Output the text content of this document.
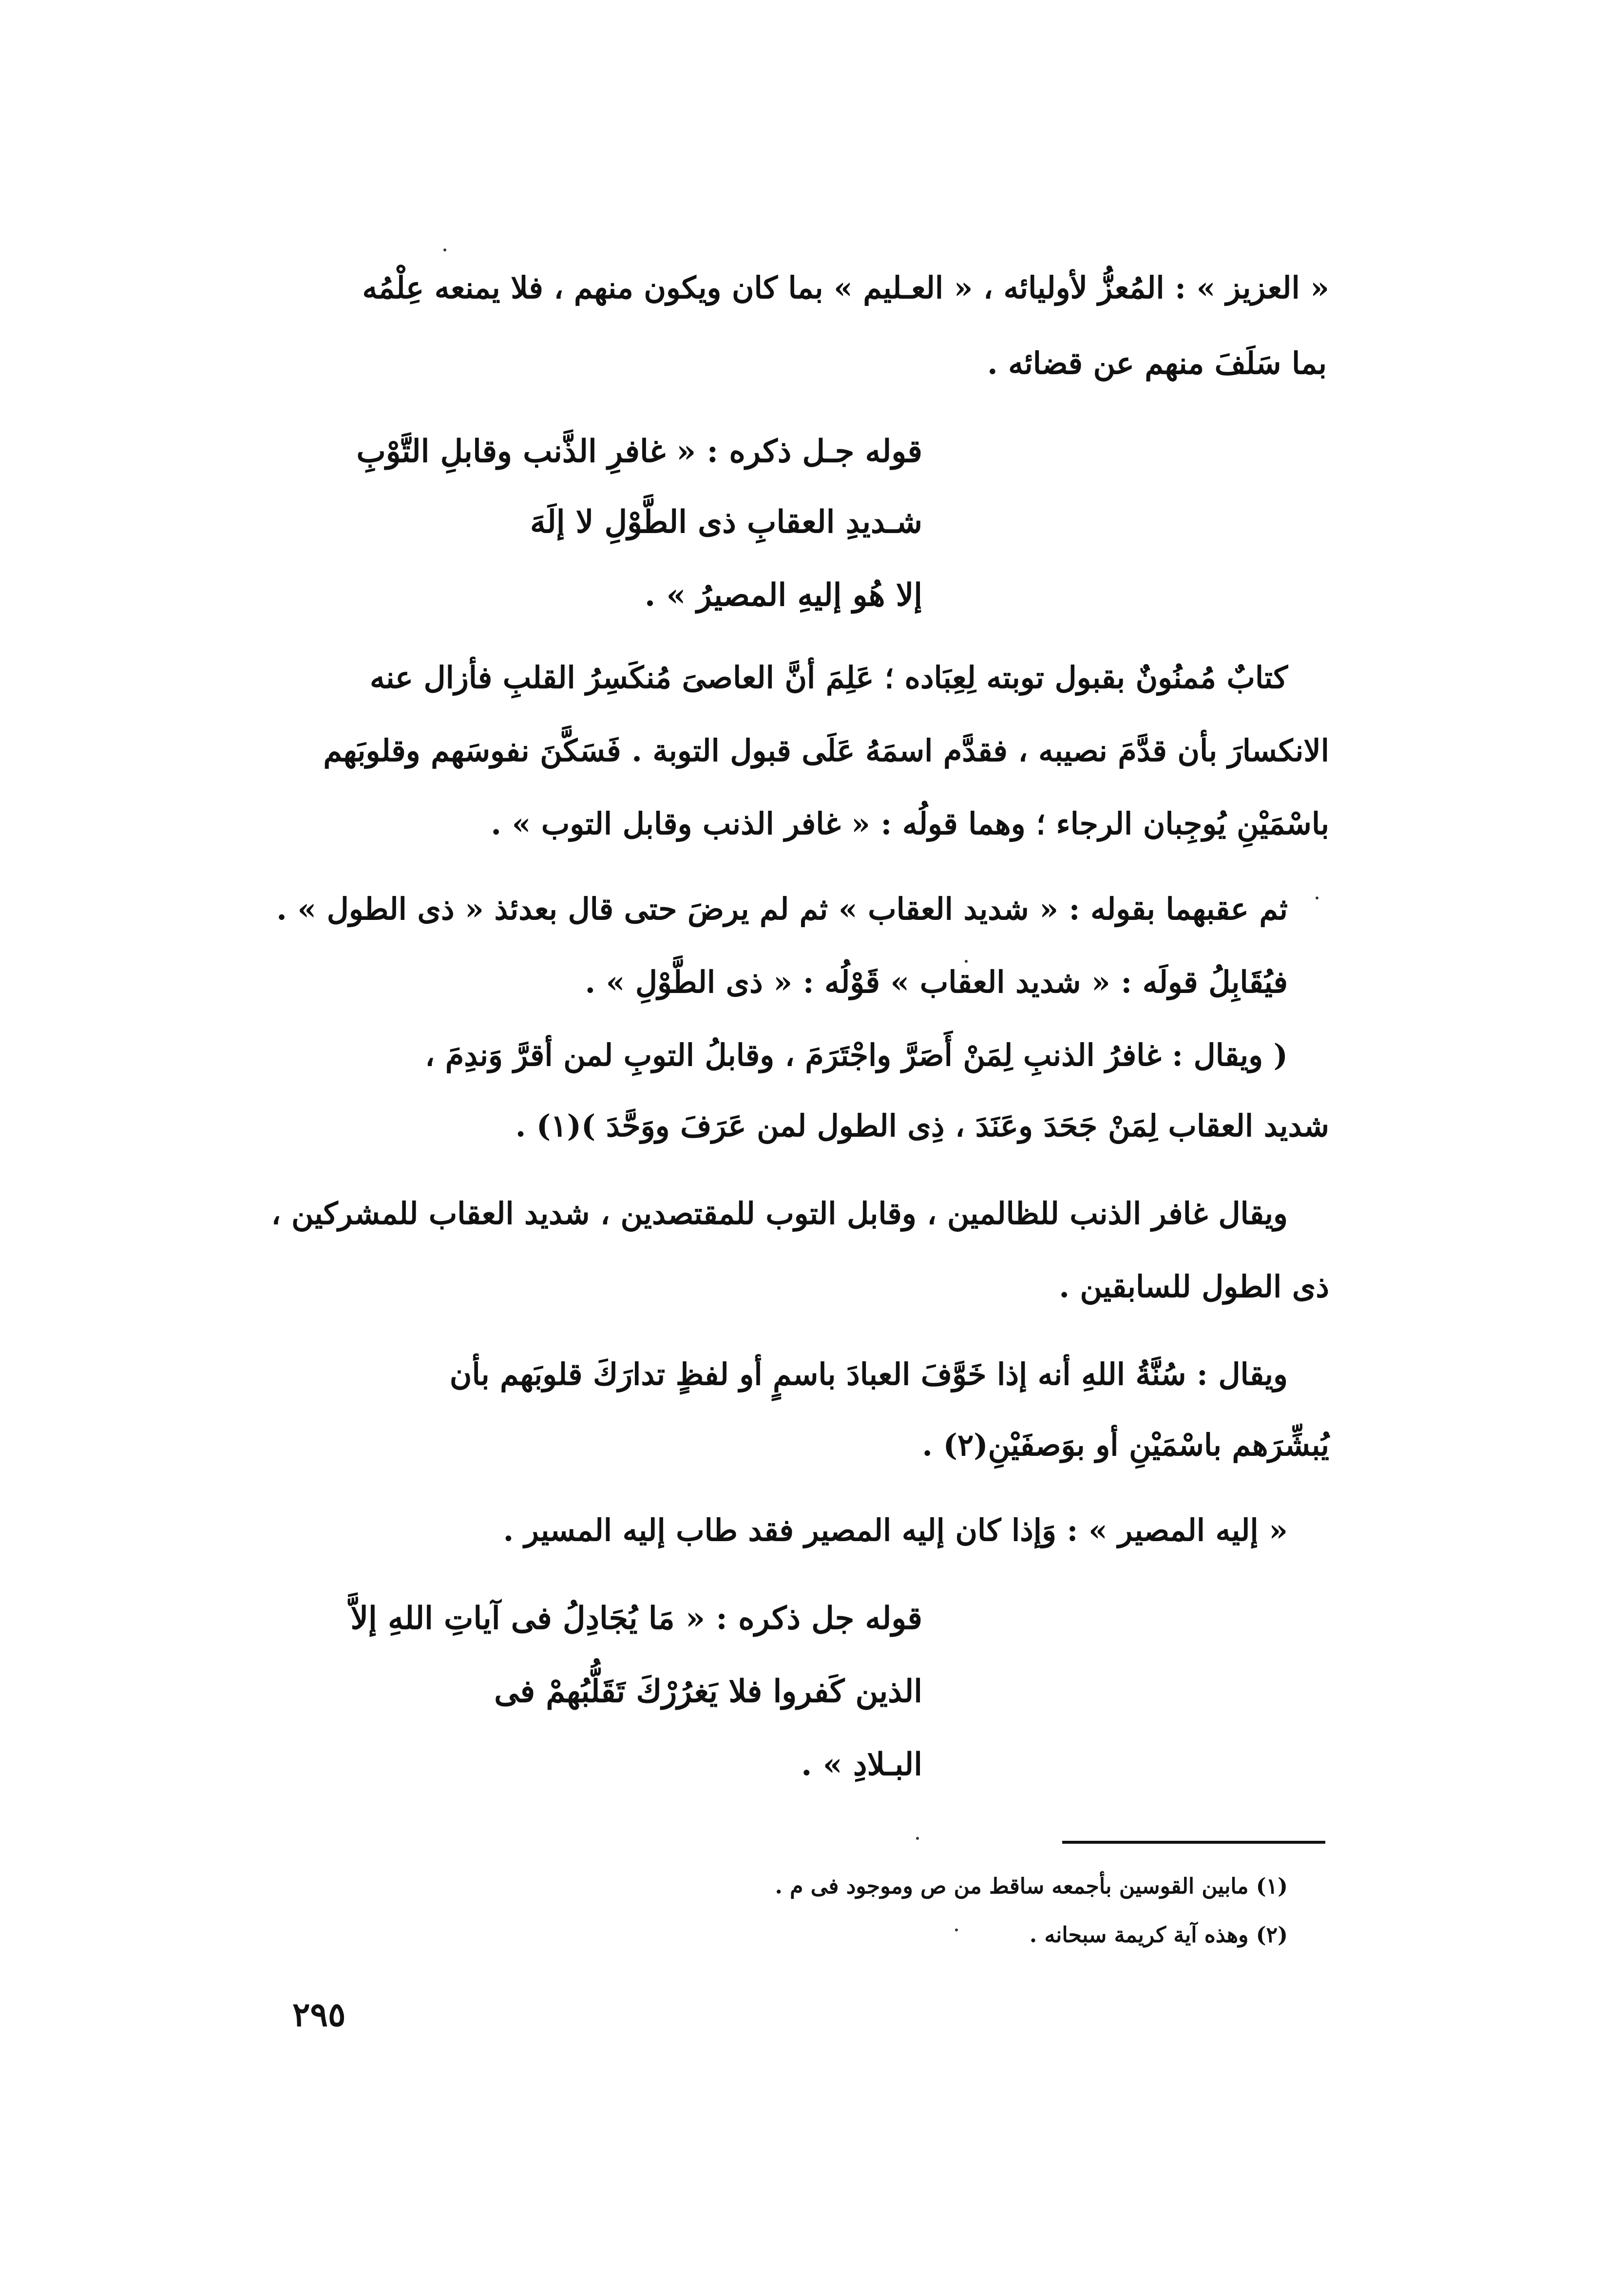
« العزيز » : المُعزُّ لأوليائه ، « العـليم » بما كان ويكون منهم ، فلا يمنعه عِلْمُه
بما سَلَفَ منهم عن قضائه .
قوله جـل ذكره : « غافرِ الذَّنب وقابلِ التَّوْبِ
شـديدِ العقابِ ذى الطَّوْلِ لا إلَهَ
إلا هُو إليهِ المصيرُ » .
كتابٌ مُمنُونٌ بقبول توبته لِعِبَاده ؛ عَلِمَ أنَّ العاصىَ مُنكَسِرُ القلبِ فأزال عنه
الانكسارَ بأن قدَّمَ نصيبه ، فقدَّم اسمَهُ عَلَى قبول التوبة . فَسَكَّنَ نفوسَهم وقلوبَهم
باسْمَيْنِ يُوجِبان الرجاء ؛ وهما قولُه : « غافر الذنب وقابل التوب » .
ثم عقبهما بقوله : « شديد العقاب » ثم لم يرضَ حتى قال بعدئذ « ذى الطول » .
فيُقَابِلُ قولَه : « شديد العقاب » قَوْلُه : « ذى الطَّوْلِ » .
( ويقال : غافرُ الذنبِ لِمَنْ أَصَرَّ واجْتَرَمَ ، وقابلُ التوبِ لمن أقرَّ وَندِمَ ،
شديد العقاب لِمَنْ جَحَدَ وعَنَدَ ، ذِى الطول لمن عَرَفَ ووَحَّدَ )(١) .
ويقال غافر الذنب للظالمين ، وقابل التوب للمقتصدين ، شديد العقاب للمشركين ،
ذى الطول للسابقين .
ويقال : سُنَّةُ اللهِ أنه إذا خَوَّفَ العبادَ باسمٍ أو لفظٍ تدارَكَ قلوبَهم بأن
يُبشِّرَهم باسْمَيْنِ أو بوَصفَيْنِ(٢) .
« إليه المصير » : وَإذا كان إليه المصير فقد طاب إليه المسير .
قوله جل ذكره : « مَا يُجَادِلُ فى آياتِ اللهِ إلاَّ
الذين كَفروا فلا يَغرُرْكَ تَقَلُّبُهمْ فى
البـلادِ » .
(١) مابين القوسين بأجمعه ساقط من ص وموجود فى م .
(٢) وهذه آية كريمة سبحانه .
٢٩٥
